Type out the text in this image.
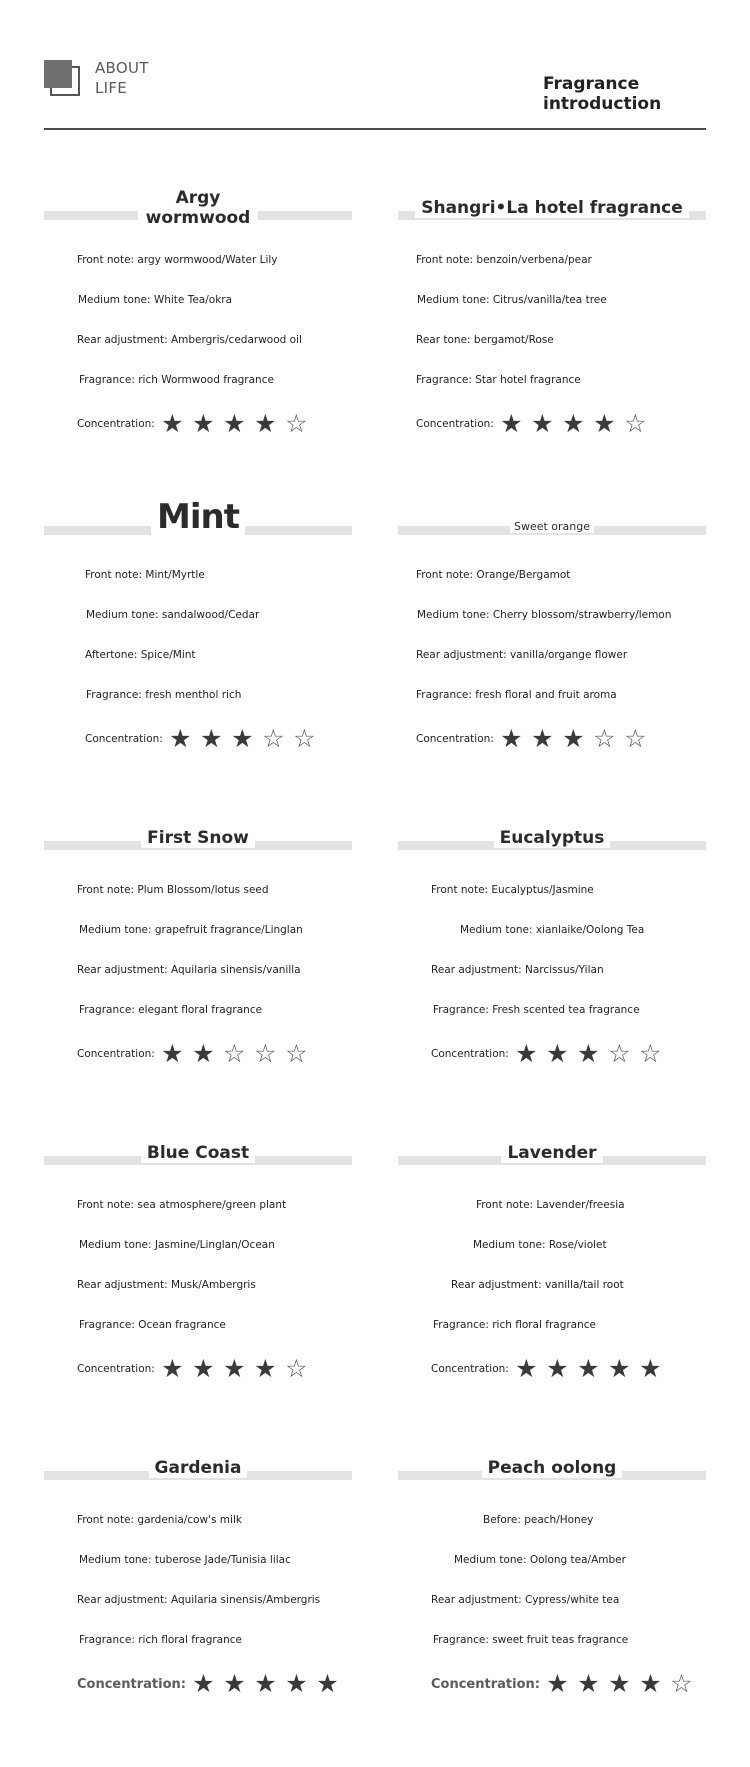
ABOUT
LIFE	Fragrance
introduction
Argy
wormwood
Front note: argy wormwood/Water Lily
Medium tone: White Tea/okra
Rear adjustment: Ambergris/cedarwood oil
Fragrance: rich Wormwood fragrance
Concentration: ★ ★ ★ ★ ☆
Shangri•La hotel fragrance
Front note: benzoin/verbena/pear
Medium tone: Citrus/vanilla/tea tree
Rear tone: bergamot/Rose
Fragrance: Star hotel fragrance
Concentration: ★ ★ ★ ★ ☆
Mint
Front note: Mint/Myrtle
Medium tone: sandalwood/Cedar
Aftertone: Spice/Mint
Fragrance: fresh menthol rich
Concentration: ★ ★ ★ ☆ ☆
Sweet orange
Front note: Orange/Bergamot
Medium tone: Cherry blossom/strawberry/lemon
Rear adjustment: vanilla/organge flower
Fragrance: fresh floral and fruit aroma
Concentration: ★ ★ ★ ☆ ☆
First Snow
Front note: Plum Blossom/lotus seed
Medium tone: grapefruit fragrance/Linglan
Rear adjustment: Aquilaria sinensis/vanilla
Fragrance: elegant floral fragrance
Concentration: ★ ★ ☆ ☆ ☆
Eucalyptus
Front note: Eucalyptus/Jasmine
Medium tone: xianlaike/Oolong Tea
Rear adjustment: Narcissus/Yilan
Fragrance: Fresh scented tea fragrance
Concentration: ★ ★ ★ ☆ ☆
Blue Coast
Front note: sea atmosphere/green plant
Medium tone: Jasmine/Linglan/Ocean
Rear adjustment: Musk/Ambergris
Fragrance: Ocean fragrance
Concentration: ★ ★ ★ ★ ☆
Lavender
Front note: Lavender/freesia
Medium tone: Rose/violet
Rear adjustment: vanilla/tail root
Fragrance: rich floral fragrance
Concentration: ★ ★ ★ ★ ★
Gardenia
Front note: gardenia/cow's milk
Medium tone: tuberose Jade/Tunisia lilac
Rear adjustment: Aquilaria sinensis/Ambergris
Fragrance: rich floral fragrance
Concentration: ★ ★ ★ ★ ★
Peach oolong
Before: peach/Honey
Medium tone: Oolong tea/Amber
Rear adjustment: Cypress/white tea
Fragrance: sweet fruit teas fragrance
Concentration: ★ ★ ★ ★ ☆
